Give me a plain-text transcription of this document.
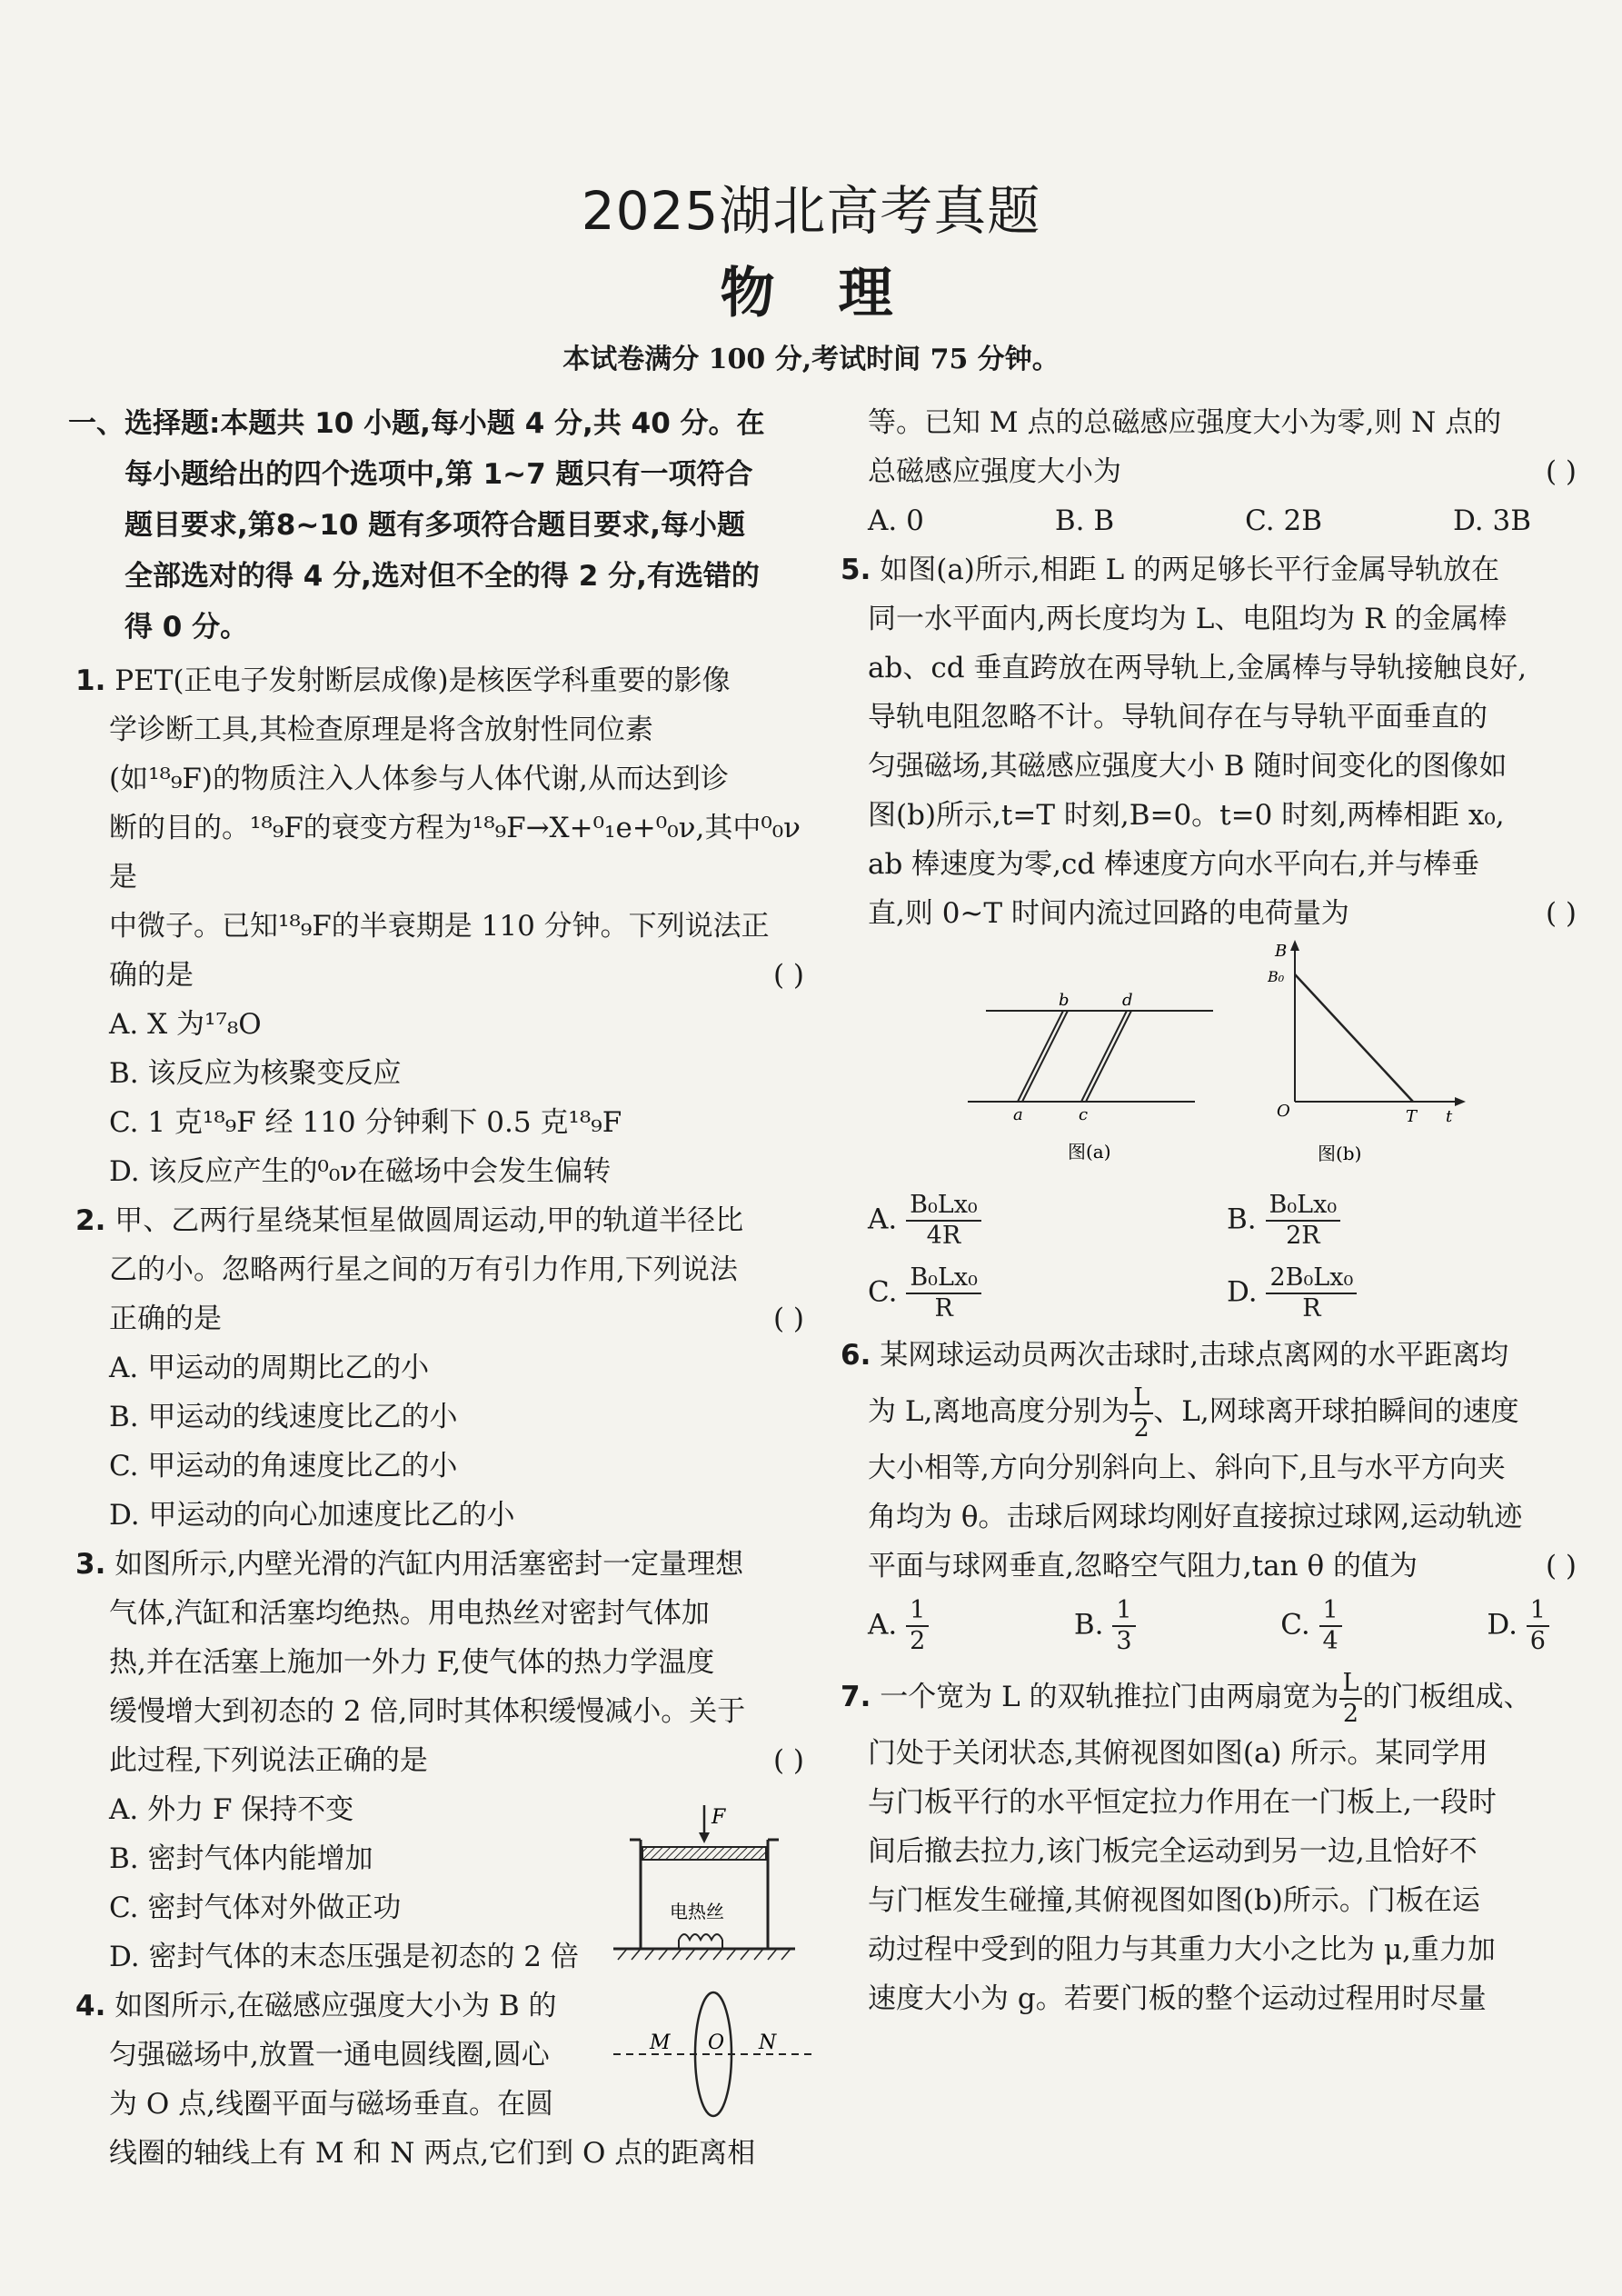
2025湖北高考真题
物理
本试卷满分 100 分,考试时间 75 分钟。
一、选择题:本题共 10 小题,每小题 4 分,共 40 分。在
每小题给出的四个选项中,第 1~7 题只有一项符合
题目要求,第8~10 题有多项符合题目要求,每小题
全部选对的得 4 分,选对但不全的得 2 分,有选错的
得 0 分。
1. PET(正电子发射断层成像)是核医学科重要的影像
学诊断工具,其检查原理是将含放射性同位素
(如¹⁸₉F)的物质注入人体参与人体代谢,从而达到诊
断的目的。¹⁸₉F的衰变方程为¹⁸₉F→X+⁰₁e+⁰₀ν,其中⁰₀ν是
中微子。已知¹⁸₉F的半衰期是 110 分钟。下列说法正
确的是	( )
A. X 为¹⁷₈O
B. 该反应为核聚变反应
C. 1 克¹⁸₉F 经 110 分钟剩下 0.5 克¹⁸₉F
D. 该反应产生的⁰₀ν在磁场中会发生偏转
2. 甲、乙两行星绕某恒星做圆周运动,甲的轨道半径比
乙的小。忽略两行星之间的万有引力作用,下列说法
正确的是	( )
A. 甲运动的周期比乙的小
B. 甲运动的线速度比乙的小
C. 甲运动的角速度比乙的小
D. 甲运动的向心加速度比乙的小
3. 如图所示,内壁光滑的汽缸内用活塞密封一定量理想
气体,汽缸和活塞均绝热。用电热丝对密封气体加
热,并在活塞上施加一外力 F,使气体的热力学温度
缓慢增大到初态的 2 倍,同时其体积缓慢减小。关于
此过程,下列说法正确的是	( )
A. 外力 F 保持不变
B. 密封气体内能增加
C. 密封气体对外做正功
D. 密封气体的末态压强是初态的 2 倍
F
电热丝
4. 如图所示,在磁感应强度大小为 B 的
匀强磁场中,放置一通电圆线圈,圆心
为 O 点,线圈平面与磁场垂直。在圆
线圈的轴线上有 M 和 N 两点,它们到 O 点的距离相
M O N
等。已知 M 点的总磁感应强度大小为零,则 N 点的
总磁感应强度大小为	( )
A. 0	B. B	C. 2B	D. 3B
5. 如图(a)所示,相距 L 的两足够长平行金属导轨放在
同一水平面内,两长度均为 L、电阻均为 R 的金属棒
ab、cd 垂直跨放在两导轨上,金属棒与导轨接触良好,
导轨电阻忽略不计。导轨间存在与导轨平面垂直的
匀强磁场,其磁感应强度大小 B 随时间变化的图像如
图(b)所示,t=T 时刻,B=0。t=0 时刻,两棒相距 x₀,
ab 棒速度为零,cd 棒速度方向水平向右,并与棒垂
直,则 0~T 时间内流过回路的电荷量为	( )
b	d
a	c
图(a)
B
B₀
O	T t
图(b)
A. $\frac{\text{B₀Lx₀}}{4R}$	B. $\frac{\text{B₀Lx₀}}{2R}$
C. $\frac{\text{B₀Lx₀}}{R}$	D. $\frac{\text{2B₀Lx₀}}{R}$
6. 某网球运动员两次击球时,击球点离网的水平距离均
为 L,离地高度分别为 $\frac{L}{2}$ 、L,网球离开球拍瞬间的速度
大小相等,方向分别斜向上、斜向下,且与水平方向夹
角均为 θ。击球后网球均刚好直接掠过球网,运动轨迹
平面与球网垂直,忽略空气阻力,tan θ 的值为	( )
A. $\frac{1}{2}$	B. $\frac{1}{3}$	C. $\frac{1}{4}$	D. $\frac{1}{6}$
7. 一个宽为 L 的双轨推拉门由两扇宽为 $\frac{L}{2}$ 的门板组成、
门处于关闭状态,其俯视图如图(a) 所示。某同学用
与门板平行的水平恒定拉力作用在一门板上,一段时
间后撤去拉力,该门板完全运动到另一边,且恰好不
与门框发生碰撞,其俯视图如图(b)所示。门板在运
动过程中受到的阻力与其重力大小之比为 μ,重力加
速度大小为 g。若要门板的整个运动过程用时尽量
